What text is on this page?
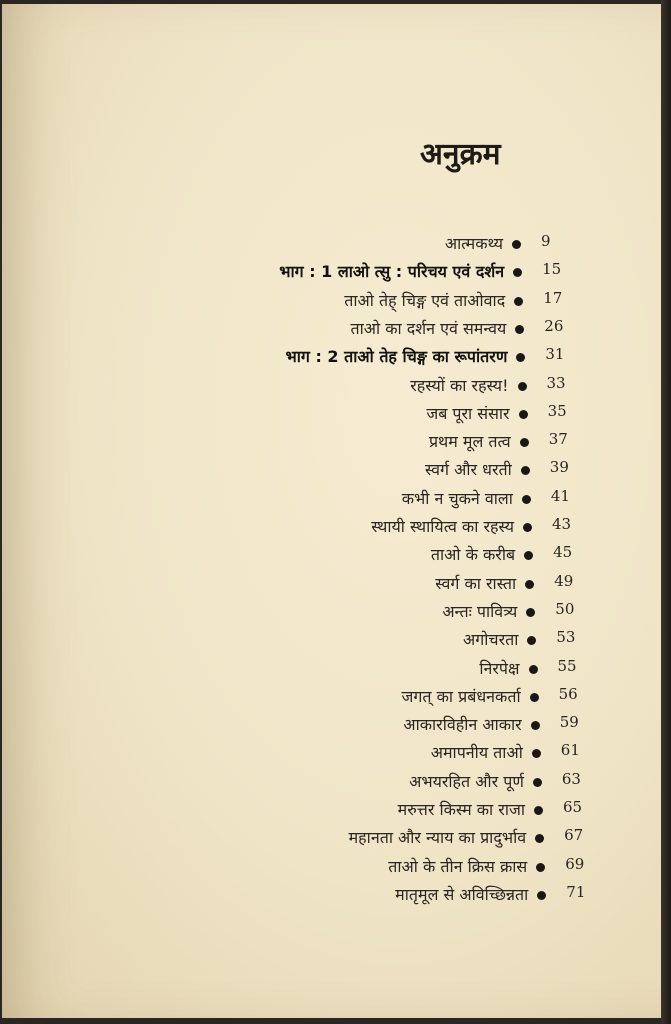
अनुक्रम
आत्मकथ्य	9
भाग : 1 लाओ त्सु : परिचय एवं दर्शन	15
ताओ तेह् चिङ्ग एवं ताओवाद	17
ताओ का दर्शन एवं समन्वय	26
भाग : 2 ताओ तेह चिङ्ग का रूपांतरण	31
रहस्यों का रहस्य!	33
जब पूरा संसार	35
प्रथम मूल तत्व	37
स्वर्ग और धरती	39
कभी न चुकने वाला	41
स्थायी स्थायित्व का रहस्य	43
ताओ के करीब	45
स्वर्ग का रास्ता	49
अन्तः पावित्र्य	50
अगोचरता	53
निरपेक्ष	55
जगत् का प्रबंधनकर्ता	56
आकारविहीन आकार	59
अमापनीय ताओ	61
अभयरहित और पूर्ण	63
मरुत्तर किस्म का राजा	65
महानता और न्याय का प्रादुर्भाव	67
ताओ के तीन क्रिस क्रास	69
मातृमूल से अविच्छिन्नता	71
